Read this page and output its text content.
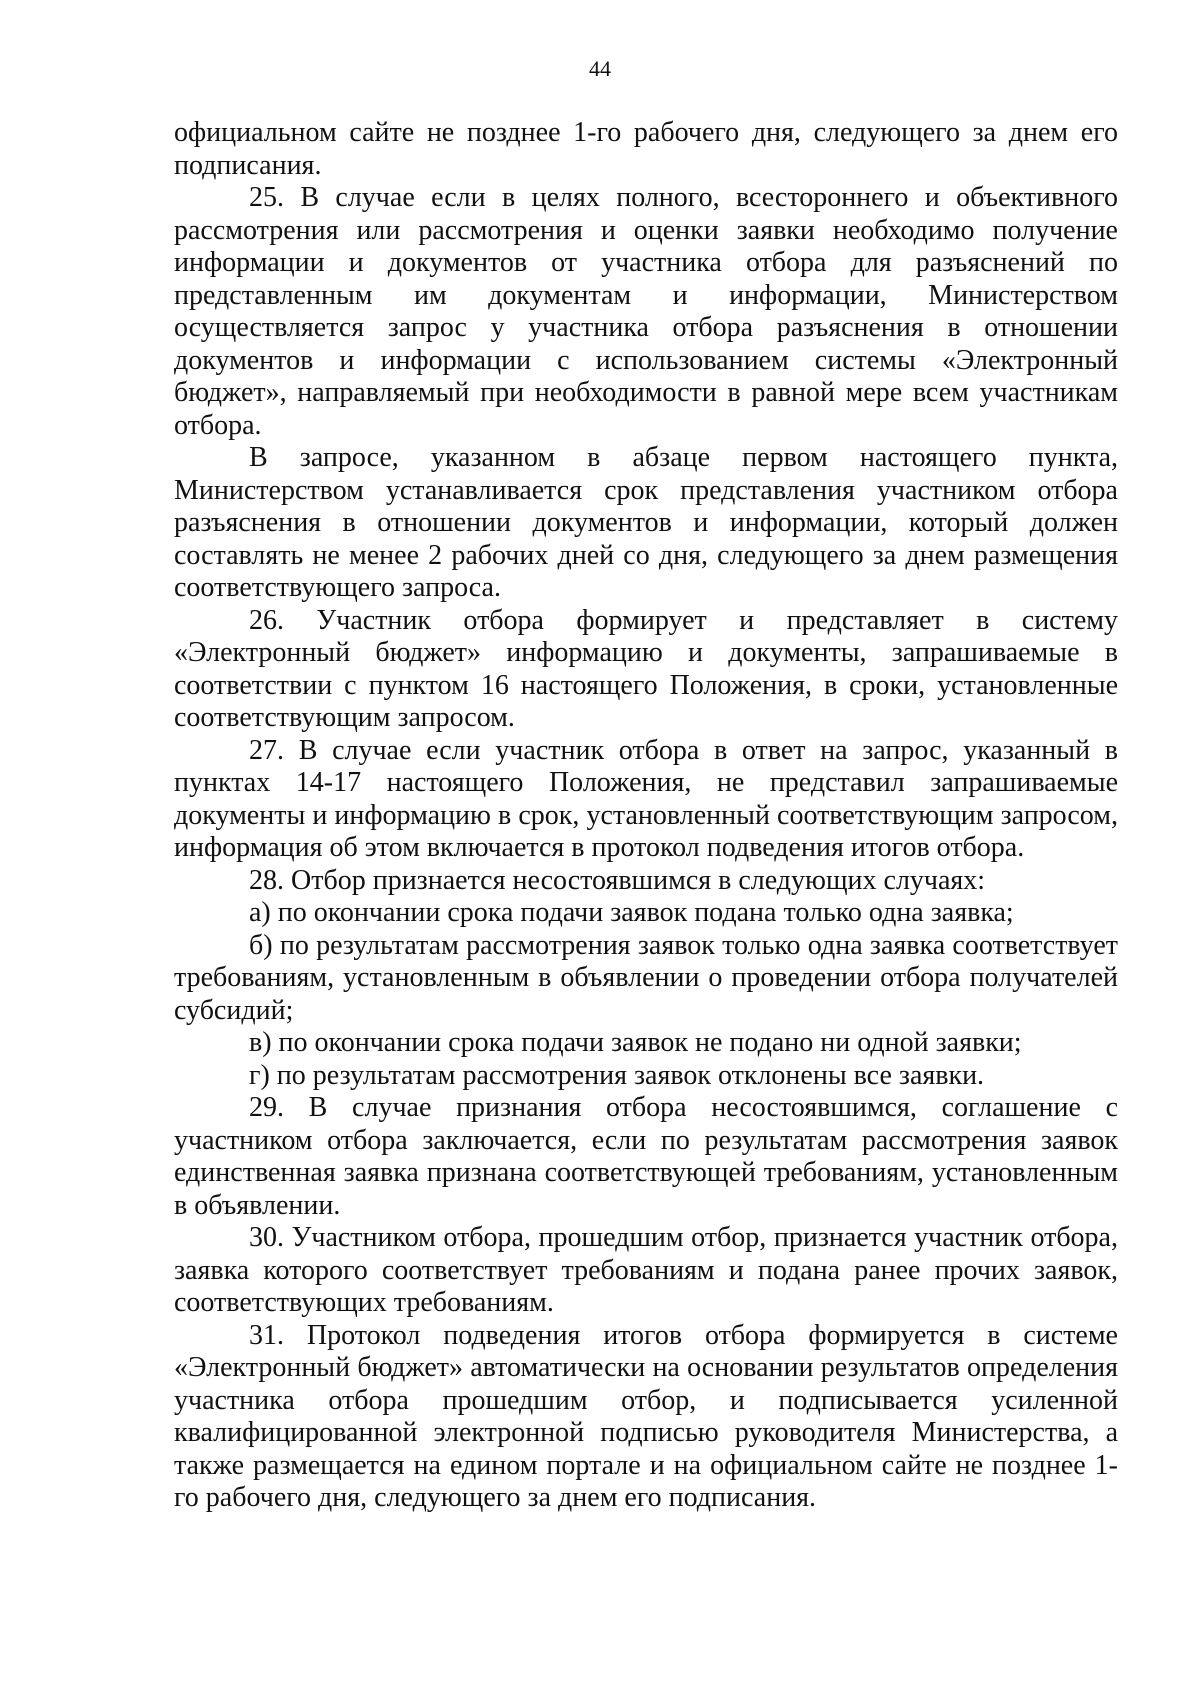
44

официальном сайте не позднее 1-го рабочего дня, следующего за днем его подписания.

25. В случае если в целях полного, всестороннего и объективного рассмотрения или рассмотрения и оценки заявки необходимо получение информации и документов от участника отбора для разъяснений по представленным им документам и информации, Министерством осуществляется запрос у участника отбора разъяснения в отношении документов и информации с использованием системы «Электронный бюджет», направляемый при необходимости в равной мере всем участникам отбора.

В запросе, указанном в абзаце первом настоящего пункта, Министерством устанавливается срок представления участником отбора разъяснения в отношении документов и информации, который должен составлять не менее 2 рабочих дней со дня, следующего за днем размещения соответствующего запроса.

26. Участник отбора формирует и представляет в систему «Электронный бюджет» информацию и документы, запрашиваемые в соответствии с пунктом 16 настоящего Положения, в сроки, установленные соответствующим запросом.

27. В случае если участник отбора в ответ на запрос, указанный в пунктах 14-17 настоящего Положения, не представил запрашиваемые документы и информацию в срок, установленный соответствующим запросом, информация об этом включается в протокол подведения итогов отбора.

28. Отбор признается несостоявшимся в следующих случаях:

а) по окончании срока подачи заявок подана только одна заявка;

б) по результатам рассмотрения заявок только одна заявка соответствует требованиям, установленным в объявлении о проведении отбора получателей субсидий;

в) по окончании срока подачи заявок не подано ни одной заявки;

г) по результатам рассмотрения заявок отклонены все заявки.

29. В случае признания отбора несостоявшимся, соглашение с участником отбора заключается, если по результатам рассмотрения заявок единственная заявка признана соответствующей требованиям, установленным в объявлении.

30. Участником отбора, прошедшим отбор, признается участник отбора, заявка которого соответствует требованиям и подана ранее прочих заявок, соответствующих требованиям.

31. Протокол подведения итогов отбора формируется в системе «Электронный бюджет» автоматически на основании результатов определения участника отбора прошедшим отбор, и подписывается усиленной квалифицированной электронной подписью руководителя Министерства, а также размещается на едином портале и на официальном сайте не позднее 1-го рабочего дня, следующего за днем его подписания.
